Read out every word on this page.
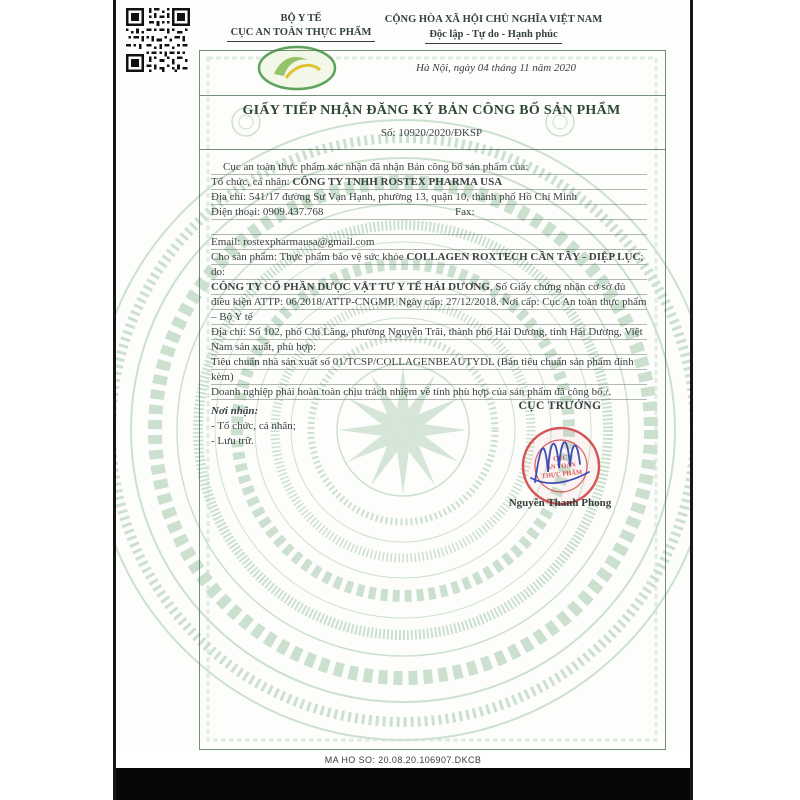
BỘ Y TẾ
CỤC AN TOÀN THỰC PHẨM
CỘNG HÒA XÃ HỘI CHỦ NGHĨA VIỆT NAM
Độc lập - Tự do - Hạnh phúc
Hà Nội, ngày 04 tháng 11 năm 2020
GIẤY TIẾP NHẬN ĐĂNG KÝ BẢN CÔNG BỐ SẢN PHẨM
Số: 10920/2020/ĐKSP

Cục an toàn thực phẩm xác nhận đã nhận Bản công bố sản phẩm của:

Tổ chức, cá nhân: CÔNG TY TNHH ROSTEX PHARMA USA

Địa chỉ: 541/17 đường Sư Vạn Hạnh, phường 13, quận 10, thành phố Hồ Chí Minh

Điện thoại: 0909.437.768	Fax:

Email: rostexpharmausa@gmail.com

Cho sản phẩm: Thực phẩm bảo vệ sức khỏe COLLAGEN ROXTECH CẦN TÂY - DIỆP LỤC; do:

CÔNG TY CỔ PHẦN DƯỢC VẬT TƯ Y TẾ HẢI DƯƠNG, Số Giấy chứng nhận cơ sở đủ điều kiện ATTP: 06/2018/ATTP-CNGMP. Ngày cấp: 27/12/2018. Nơi cấp: Cục An toàn thực phẩm – Bộ Y tế

Địa chỉ: Số 102, phố Chi Lăng, phường Nguyễn Trãi, thành phố Hải Dương, tỉnh Hải Dương, Việt Nam sản xuất, phù hợp:

Tiêu chuẩn nhà sản xuất số 01/TCSP/COLLAGENBEAUTYDL (Bản tiêu chuẩn sản phẩm đính kèm)

Doanh nghiệp phải hoàn toàn chịu trách nhiệm về tính phù hợp của sản phẩm đã công bố./.

Nơi nhận:
- Tổ chức, cá nhân;
- Lưu trữ.
CỤC TRƯỞNG
CỤC
AN TOÀN
THỰC PHẨM
Nguyễn Thanh Phong
MA HO SO: 20.08.20.106907.DKCB
